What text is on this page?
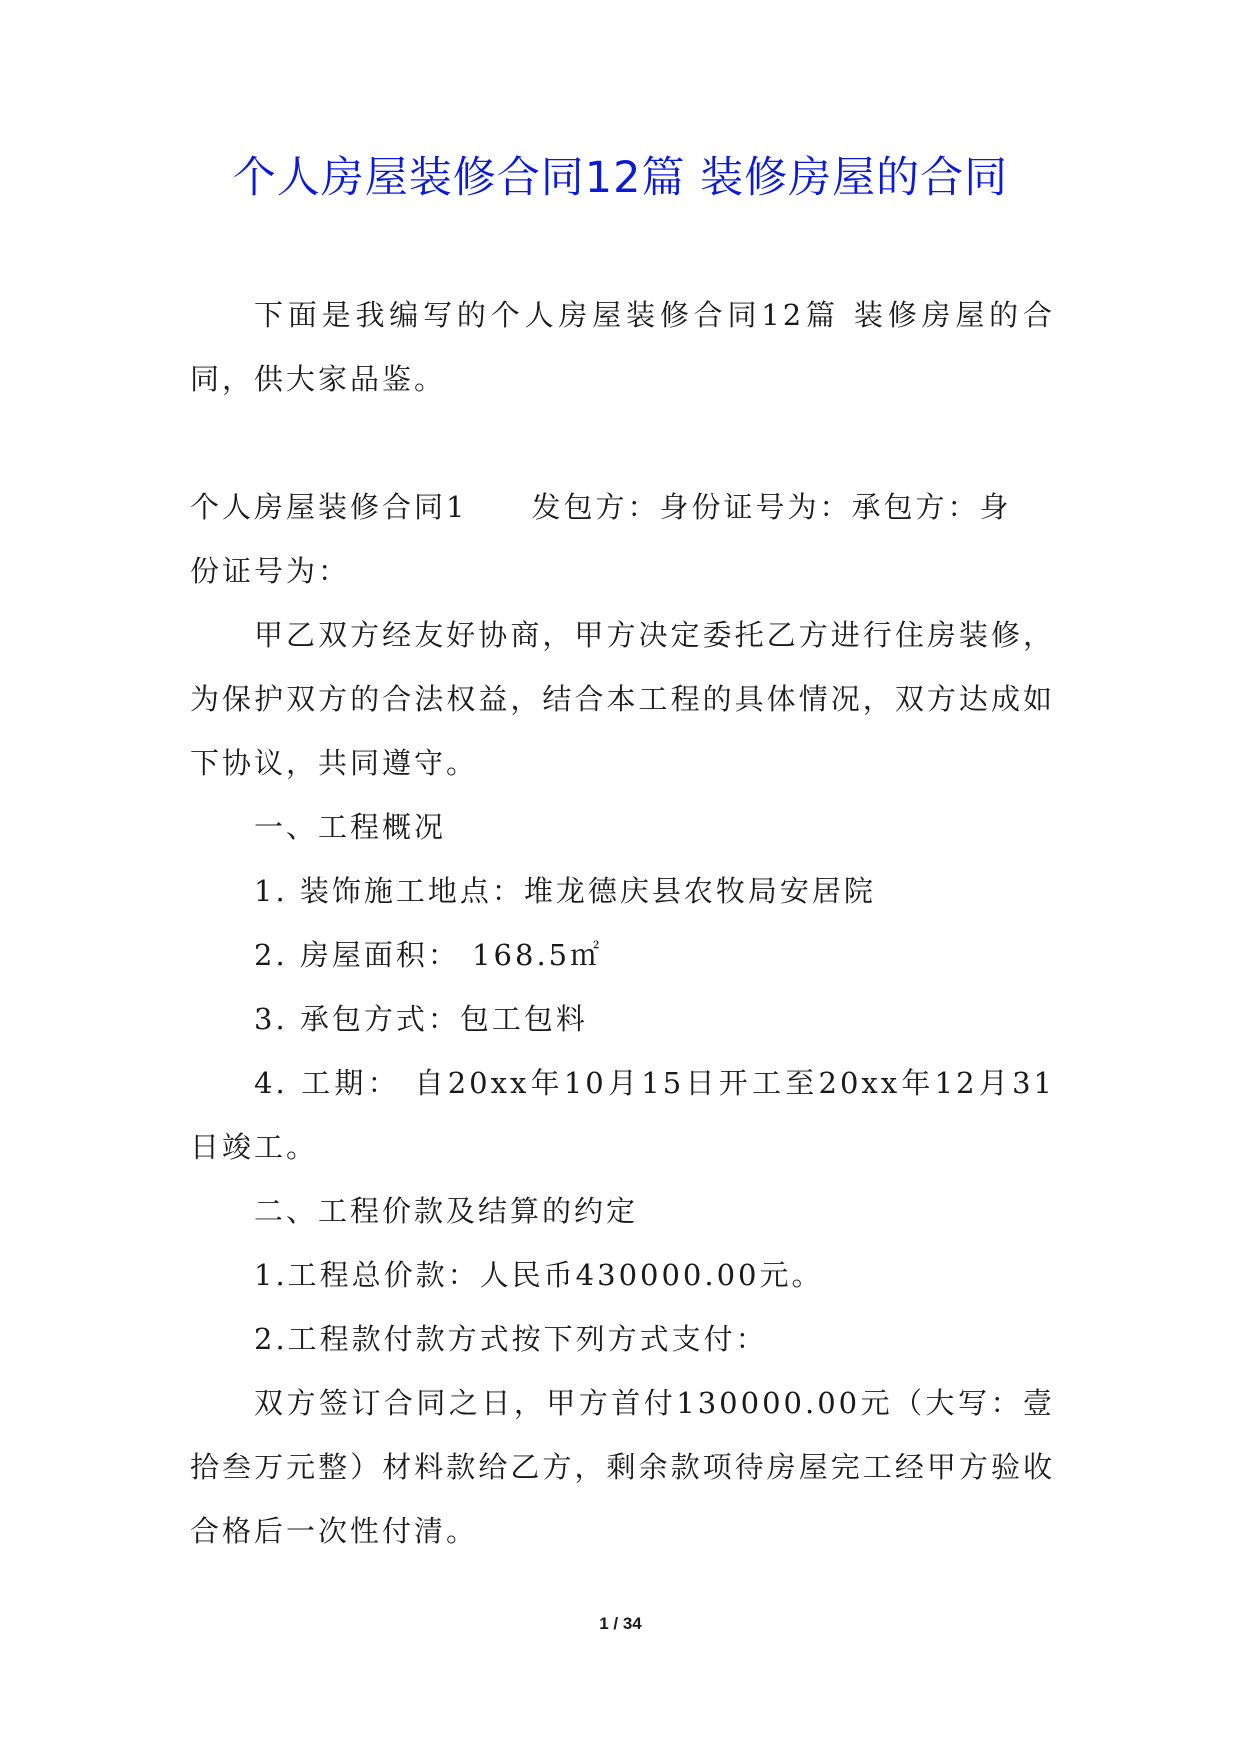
个人房屋装修合同12篇 装修房屋的合同

下面是我编写的个人房屋装修合同12篇 装修房屋的合同，供大家品鉴。

个人房屋装修合同1　　发包方：身份证号为：承包方：身

份证号为：

甲乙双方经友好协商，甲方决定委托乙方进行住房装修，为保护双方的合法权益，结合本工程的具体情况，双方达成如下协议，共同遵守。

一、工程概况

1. 装饰施工地点：堆龙德庆县农牧局安居院

2. 房屋面积： 168.5㎡

3. 承包方式：包工包料

4. 工期： 自20xx年10月15日开工至20xx年12月31日竣工。

二、工程价款及结算的约定

1.工程总价款：人民币430000.00元。

2.工程款付款方式按下列方式支付：

双方签订合同之日，甲方首付130000.00元（大写：壹拾叁万元整）材料款给乙方，剩余款项待房屋完工经甲方验收合格后一次性付清。

1 / 34
